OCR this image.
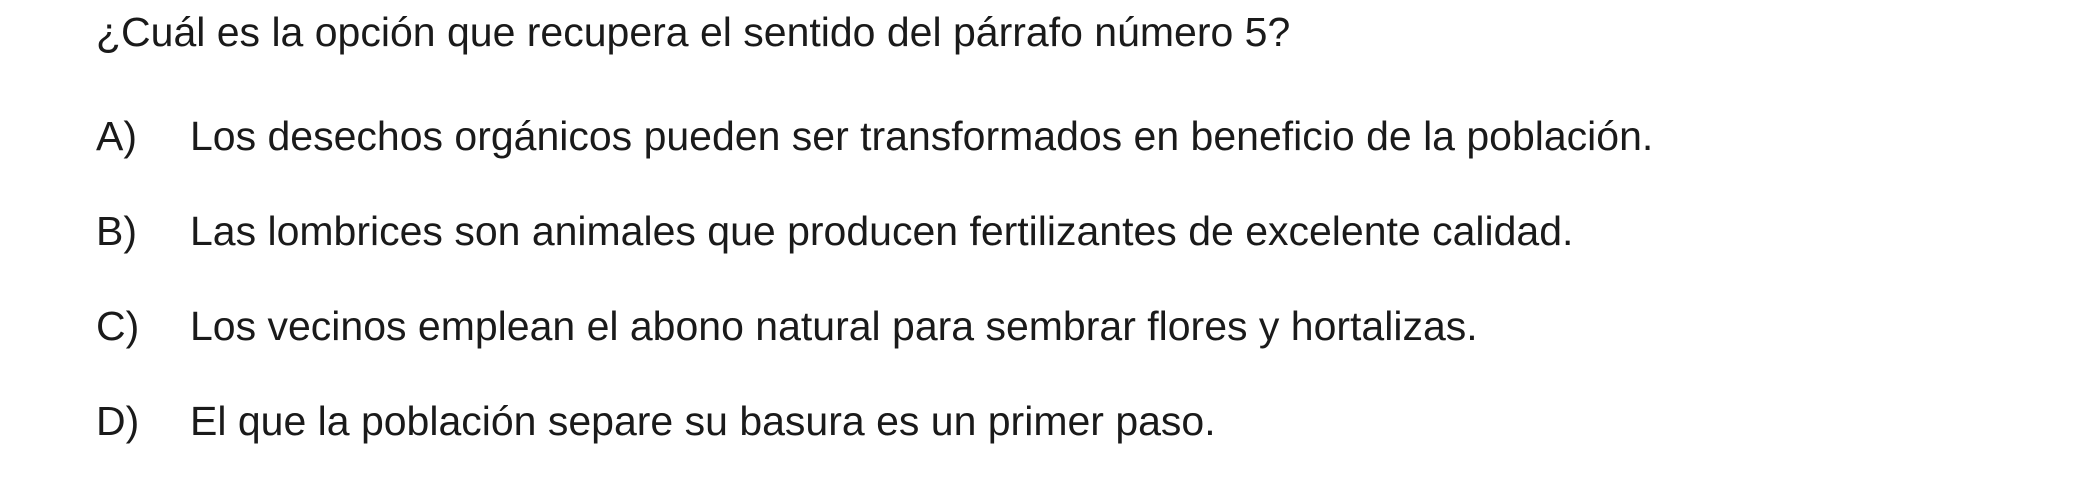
¿Cuál es la opción que recupera el sentido del párrafo número 5?
A)	Los desechos orgánicos pueden ser transformados en beneficio de la población.
B)	Las lombrices son animales que producen fertilizantes de excelente calidad.
C)	Los vecinos emplean el abono natural para sembrar flores y hortalizas.
D)	El que la población separe su basura es un primer paso.
